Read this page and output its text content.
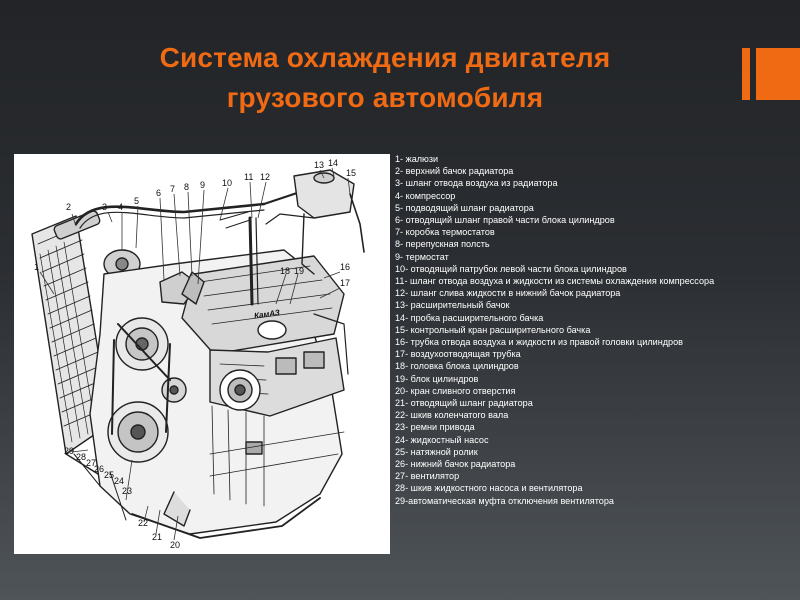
Система охлаждения двигателя
грузового автомобиля
1
2	3 4
5
6 7 8 9 10
11 12
13 14
15
16
17
18 19
20
21
22
23
24
25
26
27
28
29
КамАЗ
1- жалюзи
2- верхний бачок радиатора
3- шланг отвода воздуха из радиатора
4- компрессор
5- подводящий шланг радиатора
6- отводящий шланг правой части блока цилиндров
7- коробка термостатов
8- перепускная полсть
9- термостат
10- отводящий патрубок левой части блока цилиндров
11- шланг отвода воздуха и жидкости из системы охлаждения компрессора
12- шланг слива жидкости в нижний бачок радиатора
13- расширительный бачок
14- пробка расширительного бачка
15- контрольный кран расширительного бачка
16- трубка отвода воздуха и жидкости из правой головки цилиндров
17- воздухоотводящая трубка
18- головка блока цилиндров
19- блок цилиндров
20- кран сливного отверстия
21- отводящий шланг радиатора
22- шкив коленчатого вала
23- ремни привода
24- жидкостный насос
25- натяжной ролик
26- нижний бачок радиатора
27- вентилятор
28- шкив жидкостного насоса и вентилятора
29-автоматическая муфта отключения вентилятора
